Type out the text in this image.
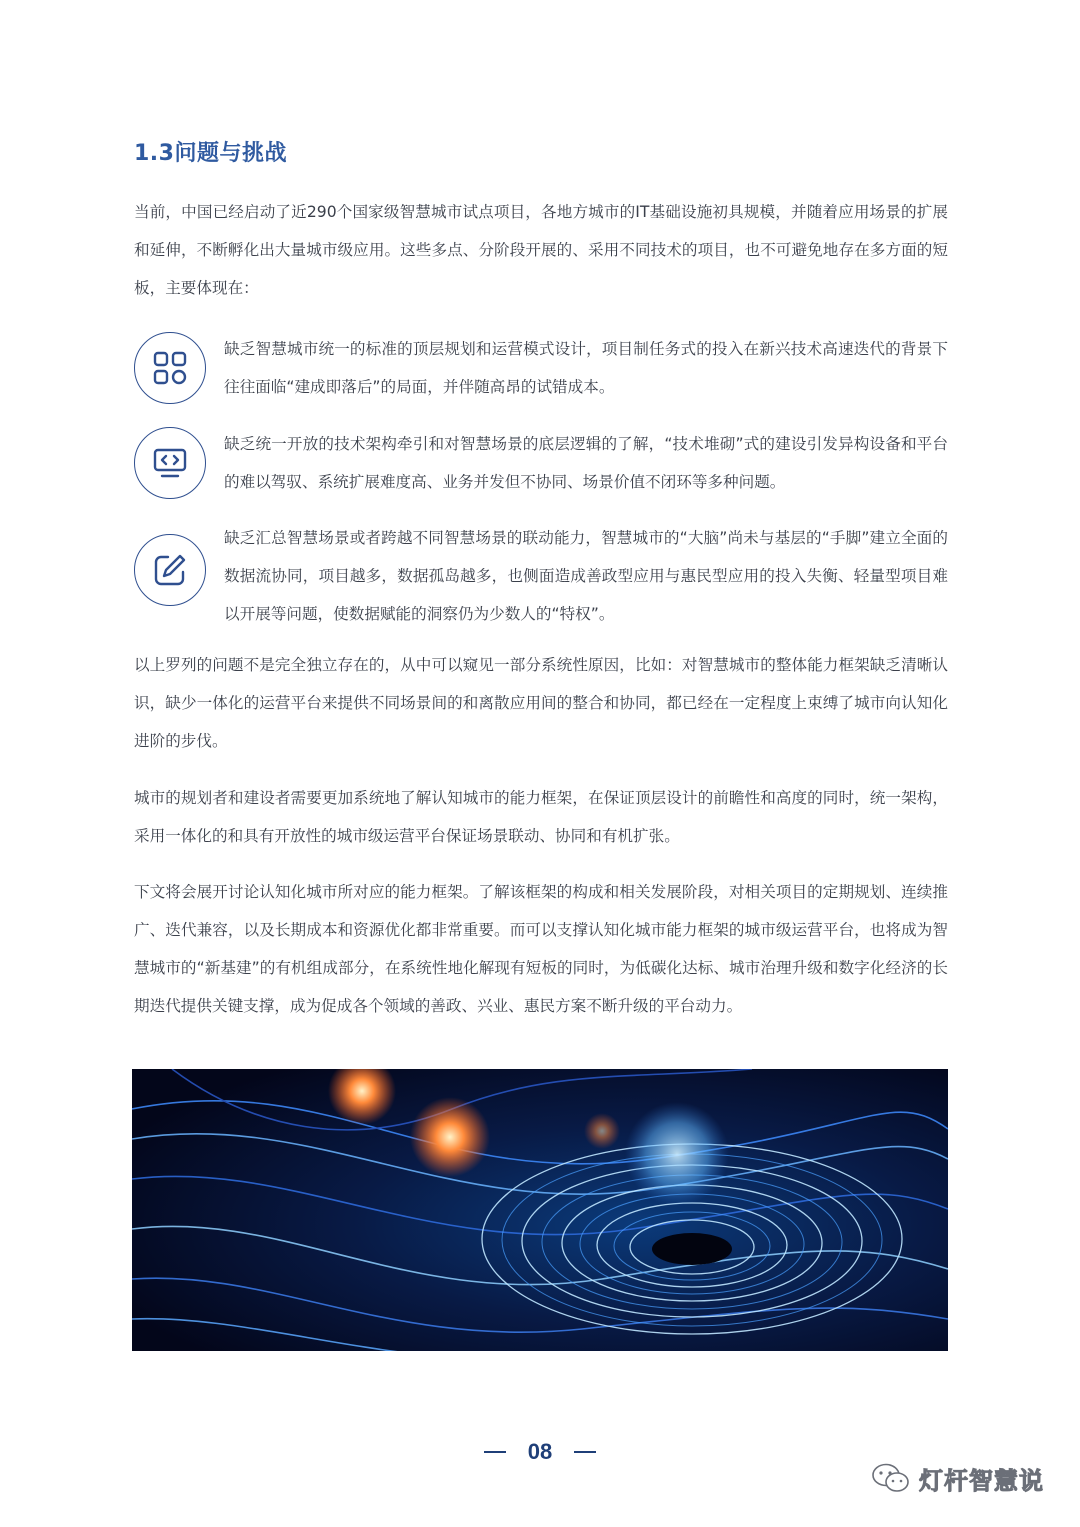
1.3问题与挑战

当前，中国已经启动了近290个国家级智慧城市试点项目，各地方城市的IT基础设施初具规模，并随着应用场景的扩展和延伸，不断孵化出大量城市级应用。这些多点、分阶段开展的、采用不同技术的项目，也不可避免地存在多方面的短板，主要体现在：

缺乏智慧城市统一的标准的顶层规划和运营模式设计，项目制任务式的投入在新兴技术高速迭代的背景下往往面临“建成即落后”的局面，并伴随高昂的试错成本。

缺乏统一开放的技术架构牵引和对智慧场景的底层逻辑的了解，“技术堆砌”式的建设引发异构设备和平台的难以驾驭、系统扩展难度高、业务并发但不协同、场景价值不闭环等多种问题。

缺乏汇总智慧场景或者跨越不同智慧场景的联动能力，智慧城市的“大脑”尚未与基层的“手脚”建立全面的数据流协同，项目越多，数据孤岛越多，也侧面造成善政型应用与惠民型应用的投入失衡、轻量型项目难以开展等问题，使数据赋能的洞察仍为少数人的“特权”。

以上罗列的问题不是完全独立存在的，从中可以窥见一部分系统性原因，比如：对智慧城市的整体能力框架缺乏清晰认识，缺少一体化的运营平台来提供不同场景间的和离散应用间的整合和协同，都已经在一定程度上束缚了城市向认知化进阶的步伐。

城市的规划者和建设者需要更加系统地了解认知城市的能力框架，在保证顶层设计的前瞻性和高度的同时，统一架构，采用一体化的和具有开放性的城市级运营平台保证场景联动、协同和有机扩张。

下文将会展开讨论认知化城市所对应的能力框架。了解该框架的构成和相关发展阶段，对相关项目的定期规划、连续推广、迭代兼容，以及长期成本和资源优化都非常重要。而可以支撑认知化城市能力框架的城市级运营平台，也将成为智慧城市的“新基建”的有机组成部分，在系统性地化解现有短板的同时，为低碳化达标、城市治理升级和数字化经济的长期迭代提供关键支撑，成为促成各个领域的善政、兴业、惠民方案不断升级的平台动力。

08
灯杆智慧说
